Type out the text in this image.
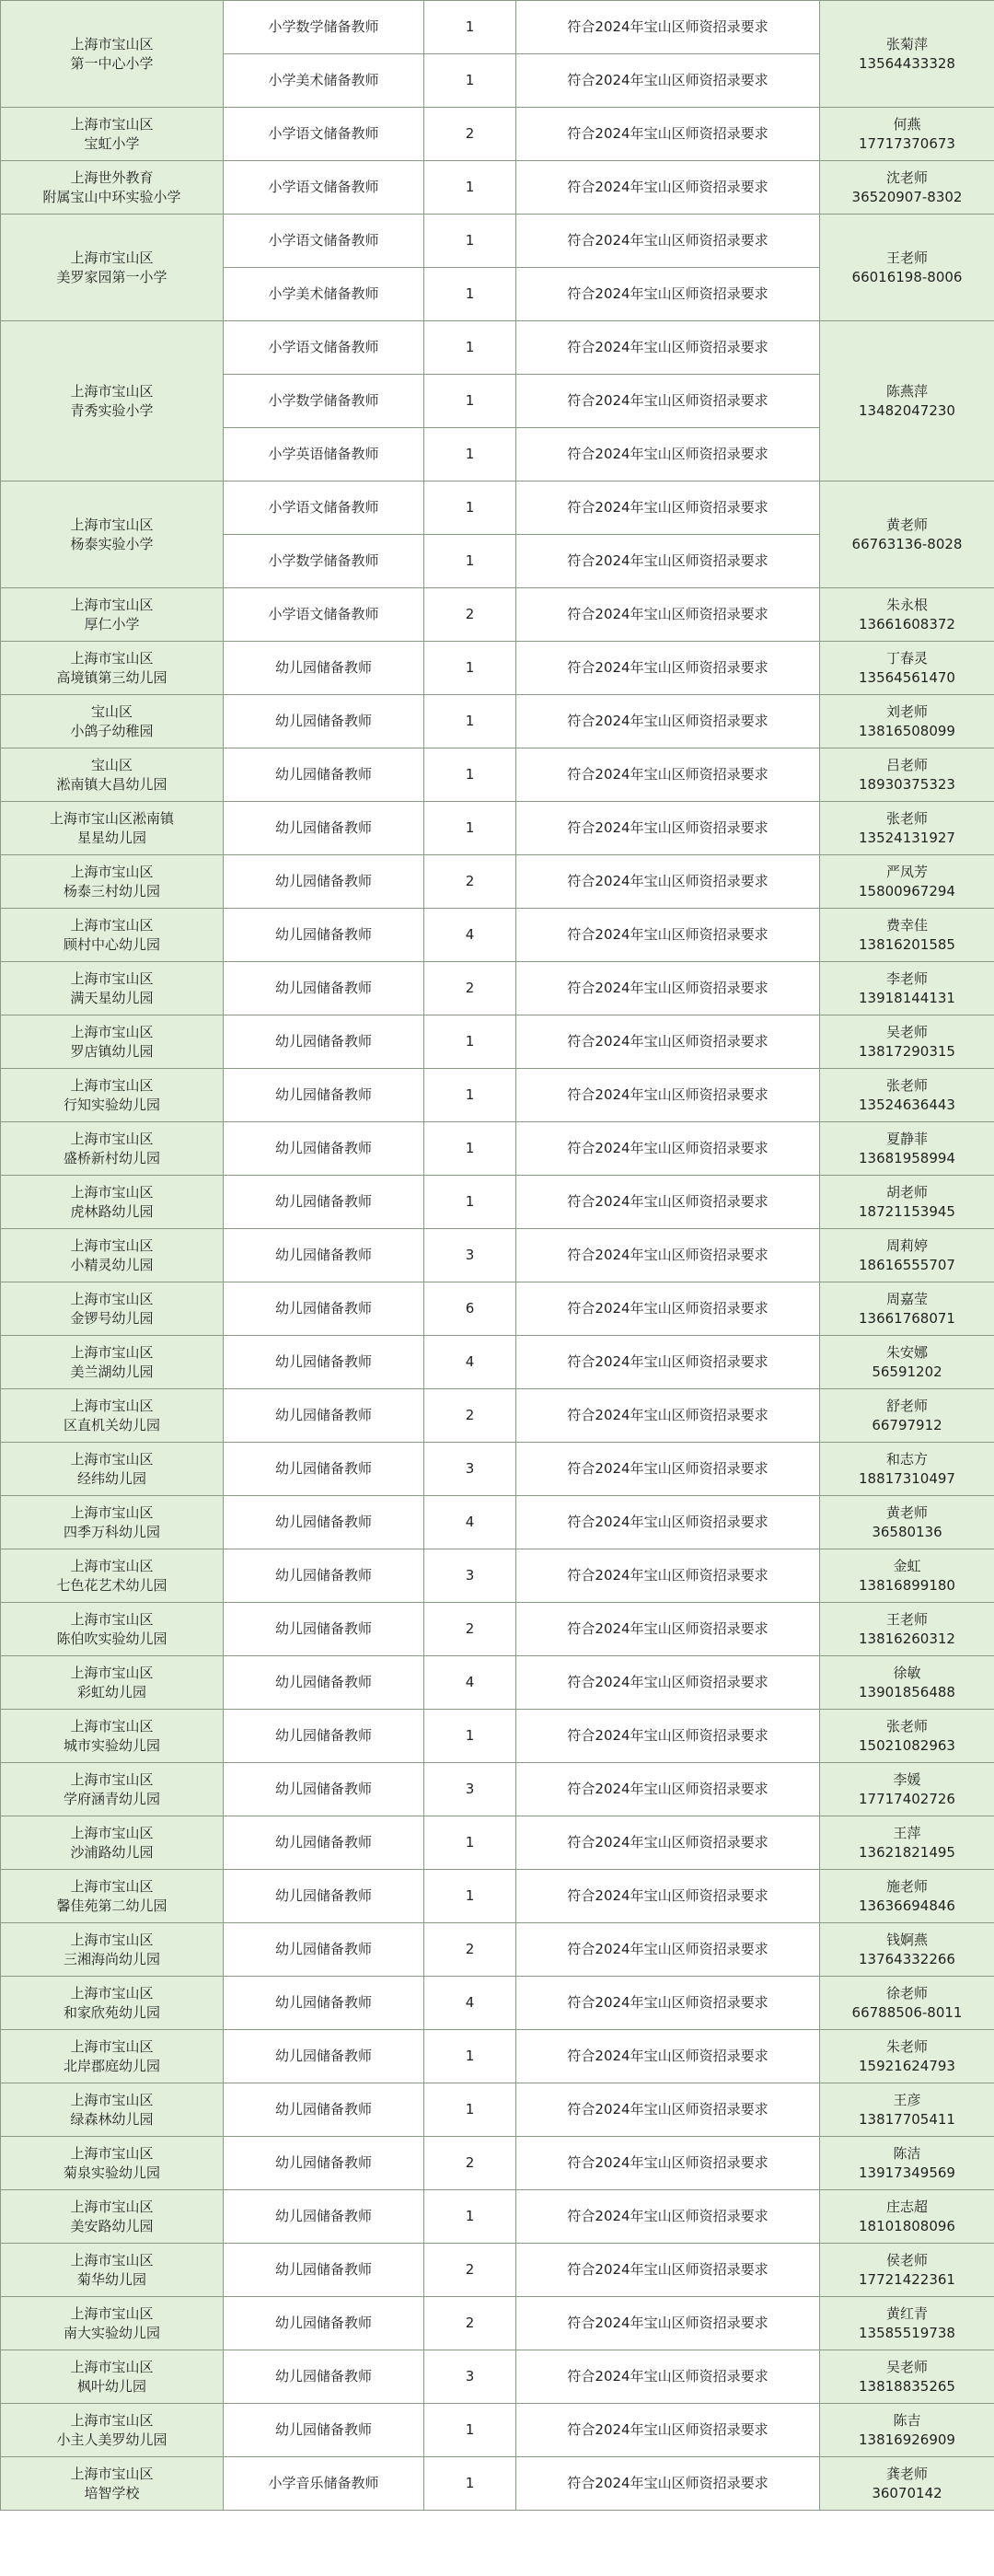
上海市宝山区
第一中心小学	小学数学储备教师	1	符合2024年宝山区师资招录要求	张菊萍
13564433328

	小学美术储备教师	1	符合2024年宝山区师资招录要求	

上海市宝山区
宝虹小学	小学语文储备教师	2	符合2024年宝山区师资招录要求	何燕
17717370673

上海世外教育
附属宝山中环实验小学	小学语文储备教师	1	符合2024年宝山区师资招录要求	沈老师
36520907-8302

上海市宝山区
美罗家园第一小学	小学语文储备教师	1	符合2024年宝山区师资招录要求	王老师
66016198-8006

	小学美术储备教师	1	符合2024年宝山区师资招录要求	

上海市宝山区
青秀实验小学	小学语文储备教师	1	符合2024年宝山区师资招录要求	陈燕萍
13482047230

	小学数学储备教师	1	符合2024年宝山区师资招录要求	
	小学英语储备教师	1	符合2024年宝山区师资招录要求	

上海市宝山区
杨泰实验小学	小学语文储备教师	1	符合2024年宝山区师资招录要求	黄老师
66763136-8028

	小学数学储备教师	1	符合2024年宝山区师资招录要求	

上海市宝山区
厚仁小学	小学语文储备教师	2	符合2024年宝山区师资招录要求	朱永根
13661608372

上海市宝山区
高境镇第三幼儿园	幼儿园储备教师	1	符合2024年宝山区师资招录要求	丁春灵
13564561470

宝山区
小鸽子幼稚园	幼儿园储备教师	1	符合2024年宝山区师资招录要求	刘老师
13816508099

宝山区
淞南镇大昌幼儿园	幼儿园储备教师	1	符合2024年宝山区师资招录要求	吕老师
18930375323

上海市宝山区淞南镇
星星幼儿园	幼儿园储备教师	1	符合2024年宝山区师资招录要求	张老师
13524131927

上海市宝山区
杨泰三村幼儿园	幼儿园储备教师	2	符合2024年宝山区师资招录要求	严凤芳
15800967294

上海市宝山区
顾村中心幼儿园	幼儿园储备教师	4	符合2024年宝山区师资招录要求	费幸佳
13816201585

上海市宝山区
满天星幼儿园	幼儿园储备教师	2	符合2024年宝山区师资招录要求	李老师
13918144131

上海市宝山区
罗店镇幼儿园	幼儿园储备教师	1	符合2024年宝山区师资招录要求	吴老师
13817290315

上海市宝山区
行知实验幼儿园	幼儿园储备教师	1	符合2024年宝山区师资招录要求	张老师
13524636443

上海市宝山区
盛桥新村幼儿园	幼儿园储备教师	1	符合2024年宝山区师资招录要求	夏静菲
13681958994

上海市宝山区
虎林路幼儿园	幼儿园储备教师	1	符合2024年宝山区师资招录要求	胡老师
18721153945

上海市宝山区
小精灵幼儿园	幼儿园储备教师	3	符合2024年宝山区师资招录要求	周莉婷
18616555707

上海市宝山区
金锣号幼儿园	幼儿园储备教师	6	符合2024年宝山区师资招录要求	周嘉莹
13661768071

上海市宝山区
美兰湖幼儿园	幼儿园储备教师	4	符合2024年宝山区师资招录要求	朱安娜
56591202

上海市宝山区
区直机关幼儿园	幼儿园储备教师	2	符合2024年宝山区师资招录要求	舒老师
66797912

上海市宝山区
经纬幼儿园	幼儿园储备教师	3	符合2024年宝山区师资招录要求	和志方
18817310497

上海市宝山区
四季万科幼儿园	幼儿园储备教师	4	符合2024年宝山区师资招录要求	黄老师
36580136

上海市宝山区
七色花艺术幼儿园	幼儿园储备教师	3	符合2024年宝山区师资招录要求	金虹
13816899180

上海市宝山区
陈伯吹实验幼儿园	幼儿园储备教师	2	符合2024年宝山区师资招录要求	王老师
13816260312

上海市宝山区
彩虹幼儿园	幼儿园储备教师	4	符合2024年宝山区师资招录要求	徐敏
13901856488

上海市宝山区
城市实验幼儿园	幼儿园储备教师	1	符合2024年宝山区师资招录要求	张老师
15021082963

上海市宝山区
学府涵青幼儿园	幼儿园储备教师	3	符合2024年宝山区师资招录要求	李媛
17717402726

上海市宝山区
沙浦路幼儿园	幼儿园储备教师	1	符合2024年宝山区师资招录要求	王萍
13621821495

上海市宝山区
馨佳苑第二幼儿园	幼儿园储备教师	1	符合2024年宝山区师资招录要求	施老师
13636694846

上海市宝山区
三湘海尚幼儿园	幼儿园储备教师	2	符合2024年宝山区师资招录要求	钱婀燕
13764332266

上海市宝山区
和家欣苑幼儿园	幼儿园储备教师	4	符合2024年宝山区师资招录要求	徐老师
66788506-8011

上海市宝山区
北岸郡庭幼儿园	幼儿园储备教师	1	符合2024年宝山区师资招录要求	朱老师
15921624793

上海市宝山区
绿森林幼儿园	幼儿园储备教师	1	符合2024年宝山区师资招录要求	王彦
13817705411

上海市宝山区
菊泉实验幼儿园	幼儿园储备教师	2	符合2024年宝山区师资招录要求	陈洁
13917349569

上海市宝山区
美安路幼儿园	幼儿园储备教师	1	符合2024年宝山区师资招录要求	庄志超
18101808096

上海市宝山区
菊华幼儿园	幼儿园储备教师	2	符合2024年宝山区师资招录要求	侯老师
17721422361

上海市宝山区
南大实验幼儿园	幼儿园储备教师	2	符合2024年宝山区师资招录要求	黄红青
13585519738

上海市宝山区
枫叶幼儿园	幼儿园储备教师	3	符合2024年宝山区师资招录要求	吴老师
13818835265

上海市宝山区
小主人美罗幼儿园	幼儿园储备教师	1	符合2024年宝山区师资招录要求	陈吉
13816926909

上海市宝山区
培智学校	小学音乐储备教师	1	符合2024年宝山区师资招录要求	龚老师
36070142
